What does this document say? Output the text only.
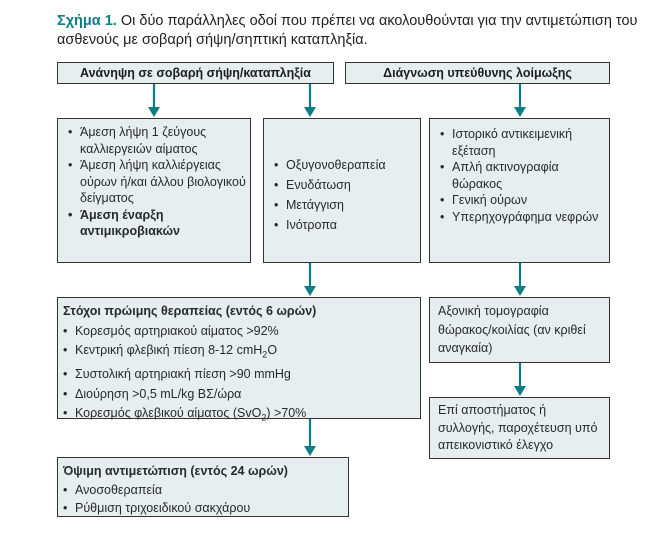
Σχήμα 1. Οι δύο παράλληλες οδοί που πρέπει να ακολουθούνται για την αντιμετώπιση του ασθενούς με σοβαρή σήψη/σηπτική καταπληξία.
Ανάνηψη σε σοβαρή σήψη/καταπληξία	Διάγνωση υπεύθυνης λοίμωξης
• Άμεση λήψη 1 ζεύγους καλλιεργειών αίματος
• Άμεση λήψη καλλιέργειας ούρων ή/και άλλου βιολογικού δείγματος
• Άμεση έναρξη αντιμικροβιακών
• Οξυγονοθεραπεία
• Ενυδάτωση
• Μετάγγιση
• Ινότροπα
• Ιστορικό αντικειμενική εξέταση
• Απλή ακτινογραφία θώρακος
• Γενική ούρων
• Υπερηχογράφημα νεφρών
Στόχοι πρώιμης θεραπείας (εντός 6 ωρών)
• Κορεσμός αρτηριακού αίματος >92%
• Κεντρική φλεβική πίεση 8-12 cmH$_2$O
• Συστολική αρτηριακή πίεση >90 mmHg
• Διούρηση >0,5 mL/kg ΒΣ/ώρα
• Κορεσμός φλεβικού αίματος (SvO$_2$) >70%
Αξονική τομογραφία θώρακος/κοιλίας (αν κριθεί αναγκαία)
Επί αποστήματος ή συλλογής, παροχέτευση υπό απεικονιστικό έλεγχο
Όψιμη αντιμετώπιση (εντός 24 ωρών)
• Ανοσοθεραπεία
• Ρύθμιση τριχοειδικού σακχάρου
